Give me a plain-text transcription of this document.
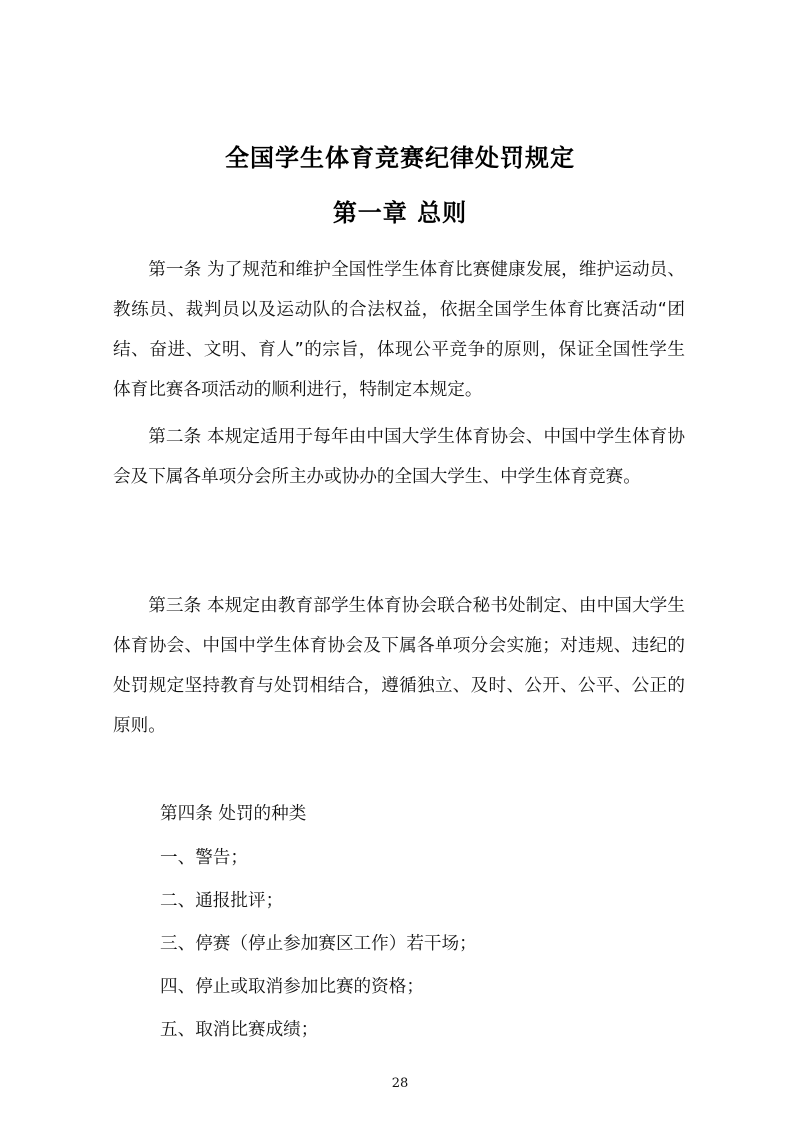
全国学生体育竞赛纪律处罚规定
第一章 总则

第一条 为了规范和维护全国性学生体育比赛健康发展，维护运动员、教练员、裁判员以及运动队的合法权益，依据全国学生体育比赛活动“团结、奋进、文明、育人”的宗旨，体现公平竞争的原则，保证全国性学生体育比赛各项活动的顺利进行，特制定本规定。

第二条 本规定适用于每年由中国大学生体育协会、中国中学生体育协会及下属各单项分会所主办或协办的全国大学生、中学生体育竞赛。

第三条 本规定由教育部学生体育协会联合秘书处制定、由中国大学生体育协会、中国中学生体育协会及下属各单项分会实施；对违规、违纪的处罚规定坚持教育与处罚相结合，遵循独立、及时、公开、公平、公正的原则。

第四条 处罚的种类
一、警告；
二、通报批评；
三、停赛（停止参加赛区工作）若干场；
四、停止或取消参加比赛的资格；
五、取消比赛成绩；
28
